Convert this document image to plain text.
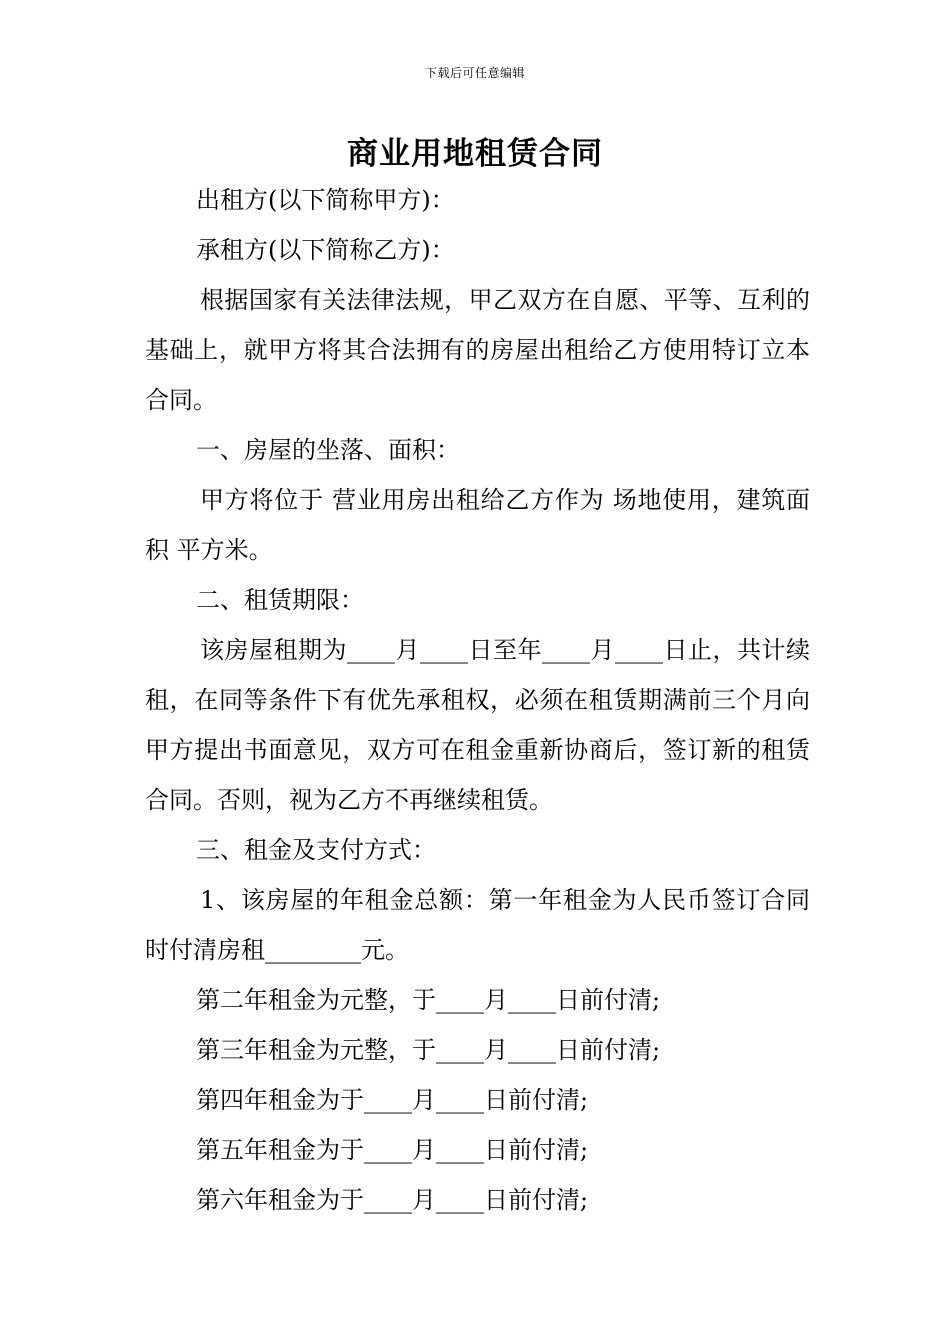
下载后可任意编辑
商业用地租赁合同

出租方(以下简称甲方)：

承租方(以下简称乙方)：

根据国家有关法律法规，甲乙双方在自愿、平等、互利的基础上，就甲方将其合法拥有的房屋出租给乙方使用特订立本合同。

一、房屋的坐落、面积：

甲方将位于 营业用房出租给乙方作为 场地使用，建筑面积 平方米。

二、租赁期限：

该房屋租期为____月____日至年____月____日止，共计续租，在同等条件下有优先承租权，必须在租赁期满前三个月向甲方提出书面意见，双方可在租金重新协商后，签订新的租赁合同。否则，视为乙方不再继续租赁。

三、租金及支付方式：

1、该房屋的年租金总额：第一年租金为人民币签订合同时付清房租________元。

第二年租金为元整，于____月____日前付清;

第三年租金为元整，于____月____日前付清;

第四年租金为于____月____日前付清;

第五年租金为于____月____日前付清;

第六年租金为于____月____日前付清;
